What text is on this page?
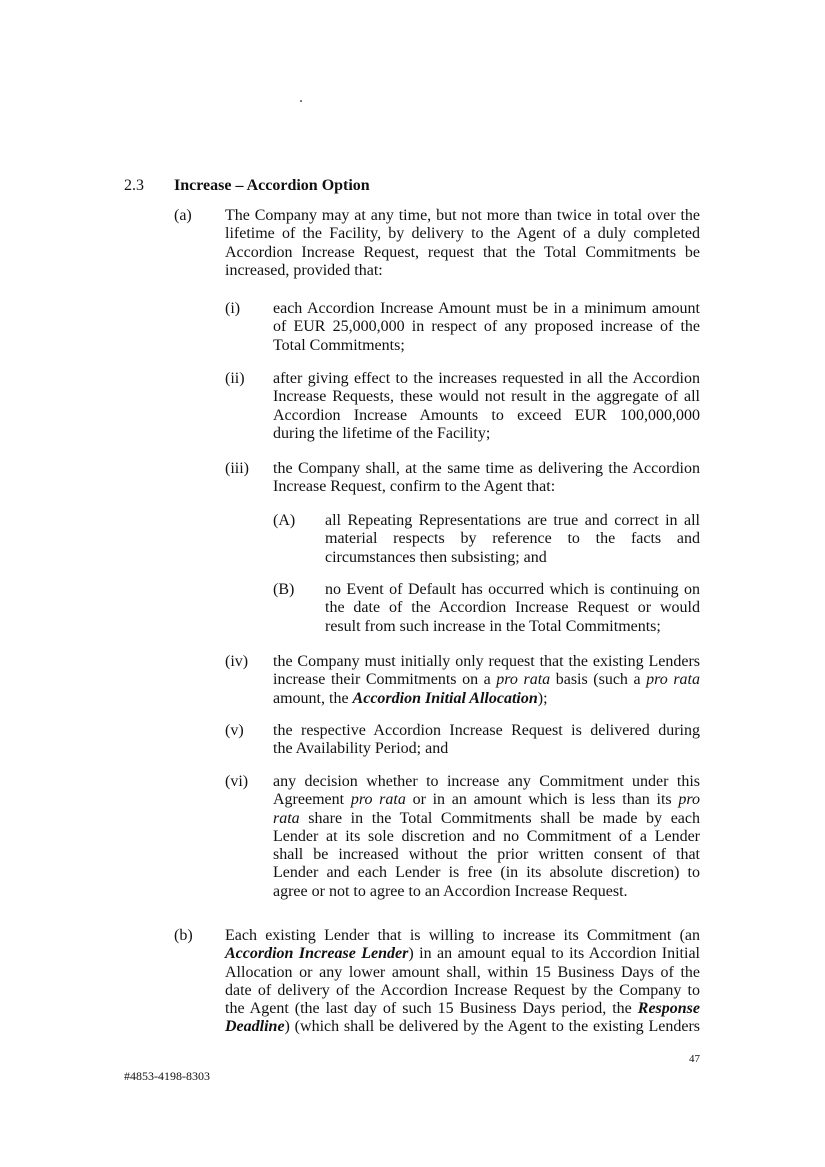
2.3 Increase – Accordion Option
(a) The Company may at any time, but not more than twice in total over the
lifetime of the Facility, by delivery to the Agent of a duly completed
Accordion Increase Request, request that the Total Commitments be
increased, provided that:
(i) each Accordion Increase Amount must be in a minimum amount
of EUR 25,000,000 in respect of any proposed increase of the
Total Commitments;
(ii) after giving effect to the increases requested in all the Accordion
Increase Requests, these would not result in the aggregate of all
Accordion Increase Amounts to exceed EUR 100,000,000
during the lifetime of the Facility;
(iii) the Company shall, at the same time as delivering the Accordion
Increase Request, confirm to the Agent that:
(A) all Repeating Representations are true and correct in all
material respects by reference to the facts and
circumstances then subsisting; and
(B) no Event of Default has occurred which is continuing on
the date of the Accordion Increase Request or would
result from such increase in the Total Commitments;
(iv) the Company must initially only request that the existing Lenders
increase their Commitments on a pro rata basis (such a pro rata
amount, the Accordion Initial Allocation);
(v) the respective Accordion Increase Request is delivered during
the Availability Period; and
(vi) any decision whether to increase any Commitment under this
Agreement pro rata or in an amount which is less than its pro
rata share in the Total Commitments shall be made by each
Lender at its sole discretion and no Commitment of a Lender
shall be increased without the prior written consent of that
Lender and each Lender is free (in its absolute discretion) to
agree or not to agree to an Accordion Increase Request.
(b) Each existing Lender that is willing to increase its Commitment (an
Accordion Increase Lender) in an amount equal to its Accordion Initial
Allocation or any lower amount shall, within 15 Business Days of the
date of delivery of the Accordion Increase Request by the Company to
the Agent (the last day of such 15 Business Days period, the Response
Deadline) (which shall be delivered by the Agent to the existing Lenders
47
#4853-4198-8303
